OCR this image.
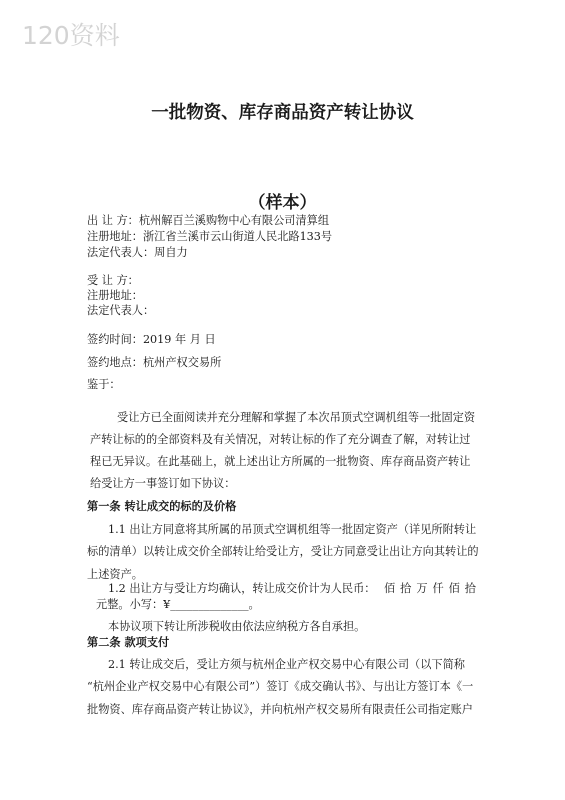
120资料
一批物资、库存商品资产转让协议
（样本）
出 让 方：杭州解百兰溪购物中心有限公司清算组
注册地址：浙江省兰溪市云山街道人民北路133号
法定代表人：周自力
受 让 方：
注册地址：
法定代表人：
签约时间：2019 年 月 日
签约地点：杭州产权交易所
鉴于：
受让方已全面阅读并充分理解和掌握了本次吊顶式空调机组等一批固定资
产转让标的的全部资料及有关情况，对转让标的作了充分调查了解，对转让过
程已无异议。在此基础上，就上述出让方所属的一批物资、库存商品资产转让
给受让方一事签订如下协议：
第一条 转让成交的标的及价格
1.1 出让方同意将其所属的吊顶式空调机组等一批固定资产（详见所附转让
标的清单）以转让成交价全部转让给受让方，受让方同意受让出让方向其转让的
上述资产。
1.2 出让方与受让方均确认，转让成交价计为人民币： 佰 拾 万 仟 佰 拾
元整。小写：¥______________。
本协议项下转让所涉税收由依法应纳税方各自承担。
第二条 款项支付
2.1 转让成交后，受让方须与杭州企业产权交易中心有限公司（以下简称
“杭州企业产权交易中心有限公司”）签订《成交确认书》、与出让方签订本《一
批物资、库存商品资产转让协议》，并向杭州产权交易所有限责任公司指定账户
